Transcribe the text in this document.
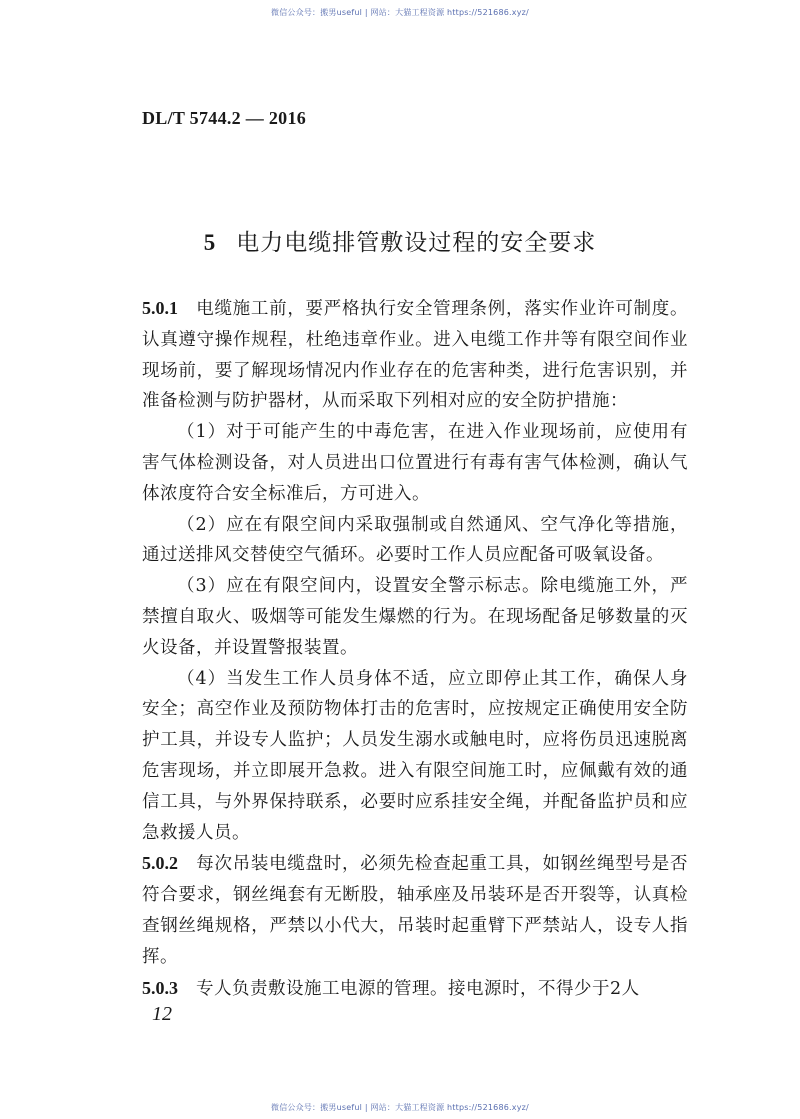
微信公众号：搬男useful | 网站：大猫工程资源 https://521686.xyz/
DL/T 5744.2 — 2016
5 电力电缆排管敷设过程的安全要求

5.0.1 电缆施工前，要严格执行安全管理条例，落实作业许可制度。认真遵守操作规程，杜绝违章作业。进入电缆工作井等有限空间作业现场前，要了解现场情况内作业存在的危害种类，进行危害识别，并准备检测与防护器材，从而采取下列相对应的安全防护措施：

（1）对于可能产生的中毒危害，在进入作业现场前，应使用有害气体检测设备，对人员进出口位置进行有毒有害气体检测，确认气体浓度符合安全标准后，方可进入。

（2）应在有限空间内采取强制或自然通风、空气净化等措施，通过送排风交替使空气循环。必要时工作人员应配备可吸氧设备。

（3）应在有限空间内，设置安全警示标志。除电缆施工外，严禁擅自取火、吸烟等可能发生爆燃的行为。在现场配备足够数量的灭火设备，并设置警报装置。

（4）当发生工作人员身体不适，应立即停止其工作，确保人身安全；高空作业及预防物体打击的危害时，应按规定正确使用安全防护工具，并设专人监护；人员发生溺水或触电时，应将伤员迅速脱离危害现场，并立即展开急救。进入有限空间施工时，应佩戴有效的通信工具，与外界保持联系，必要时应系挂安全绳，并配备监护员和应急救援人员。

5.0.2 每次吊装电缆盘时，必须先检查起重工具，如钢丝绳型号是否符合要求，钢丝绳套有无断股，轴承座及吊装环是否开裂等，认真检查钢丝绳规格，严禁以小代大，吊装时起重臂下严禁站人，设专人指挥。

5.0.3 专人负责敷设施工电源的管理。接电源时，不得少于2人

12
微信公众号：搬男useful | 网站：大猫工程资源 https://521686.xyz/
